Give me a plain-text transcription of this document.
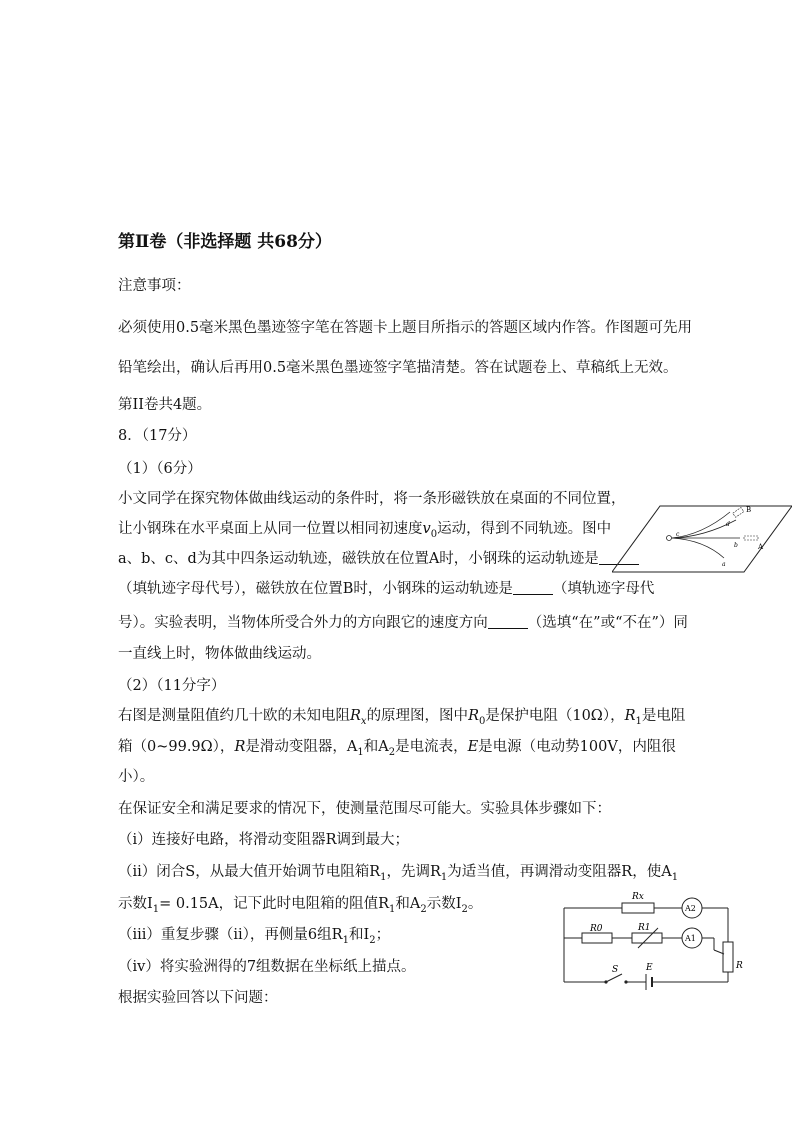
第Ⅱ卷（非选择题 共68分）
注意事项：
必须使用0.5毫米黑色墨迹签字笔在答题卡上题目所指示的答题区域内作答。作图题可先用
铅笔绘出，确认后再用0.5毫米黑色墨迹签字笔描清楚。答在试题卷上、草稿纸上无效。
第II卷共4题。
8．（17分）
（1）（6分）
小文同学在探究物体做曲线运动的条件时，将一条形磁铁放在桌面的不同位置，
让小钢珠在水平桌面上从同一位置以相同初速度$v_0$运动，得到不同轨迹。图中
a、b、c、d为其中四条运动轨迹，磁铁放在位置A时，小钢珠的运动轨迹是
（填轨迹字母代号），磁铁放在位置B时，小钢珠的运动轨迹是	（填轨迹字母代
号）。实验表明，当物体所受合外力的方向跟它的速度方向	（选填“在”或“不在”）同
一直线上时，物体做曲线运动。
（2）（11分字）
右图是测量阻值约几十欧的未知电阻$R_x$的原理图，图中$R_0$是保护电阻（10Ω），$R_1$是电阻
箱（0~99.9Ω），R是滑动变阻器，$A_1$和$A_2$是电流表，E是电源（电动势100V，内阻很
小）。
在保证安全和满足要求的情况下，使测量范围尽可能大。实验具体步骤如下：
（i）连接好电路，将滑动变阻器R调到最大；
（ii）闭合S，从最大值开始调节电阻箱$R_1$，先调$R_1$为适当值，再调滑动变阻器R，使$A_1$
示数$I_1= 0.15A$，记下此时电阻箱的阻值$R_1$和$A_2$示数$I_2$。
（iii）重复步骤（ii），再侧量6组$R_1$和$I_2$；
（iv）将实验洲得的7组数据在坐标纸上描点。
根据实验回答以下问题：
B
A
c
d
b
a
Rx
R0	R1
A2
A1
R
S	E
